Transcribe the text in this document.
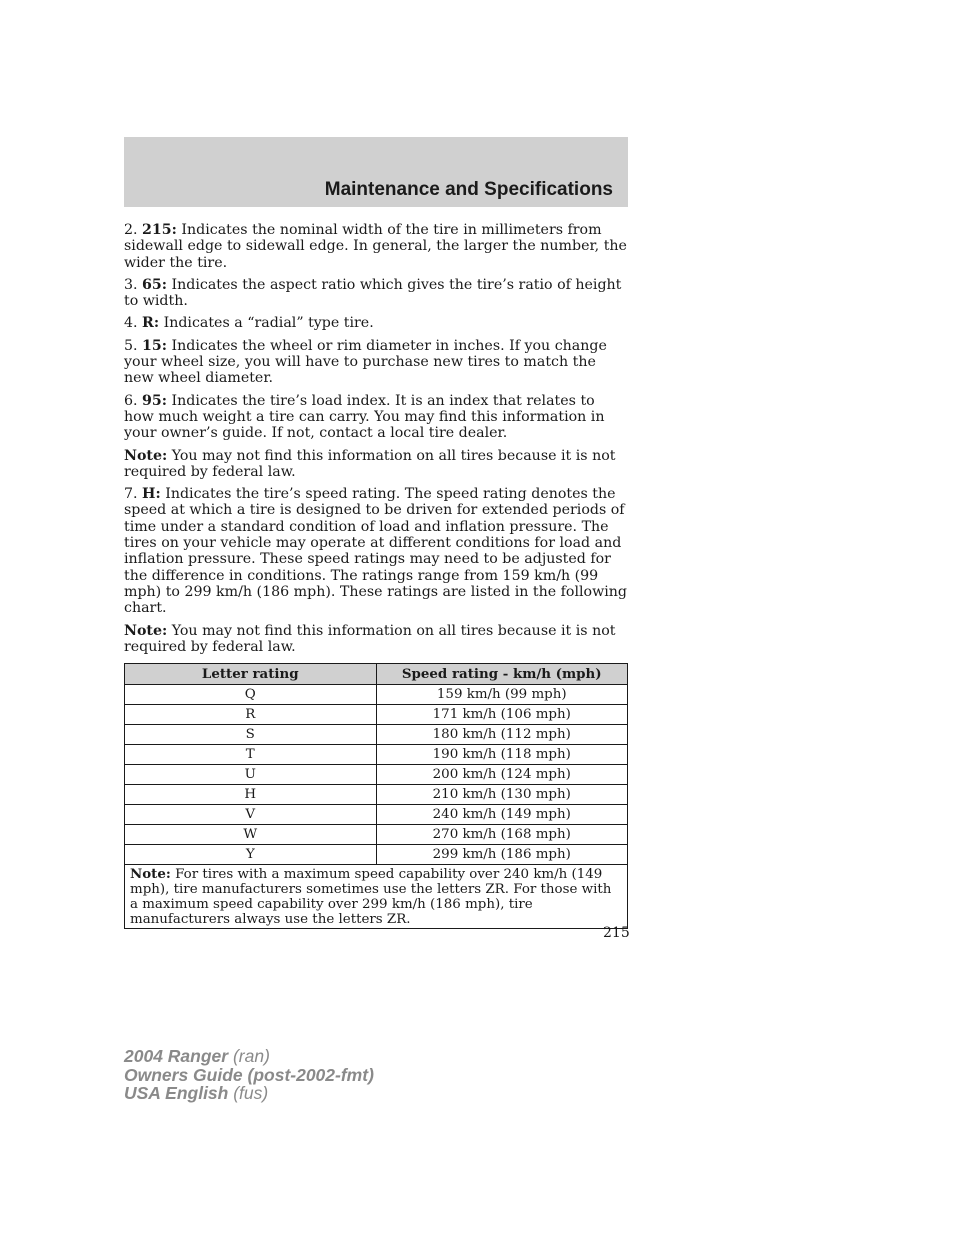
Maintenance and Specifications

2. 215: Indicates the nominal width of the tire in millimeters from sidewall edge to sidewall edge. In general, the larger the number, the wider the tire.

3. 65: Indicates the aspect ratio which gives the tire’s ratio of height to width.

4. R: Indicates a “radial” type tire.

5. 15: Indicates the wheel or rim diameter in inches. If you change your wheel size, you will have to purchase new tires to match the new wheel diameter.

6. 95: Indicates the tire’s load index. It is an index that relates to how much weight a tire can carry. You may find this information in your owner’s guide. If not, contact a local tire dealer.

Note: You may not find this information on all tires because it is not required by federal law.

7. H: Indicates the tire’s speed rating. The speed rating denotes the speed at which a tire is designed to be driven for extended periods of time under a standard condition of load and inflation pressure. The tires on your vehicle may operate at different conditions for load and inflation pressure. These speed ratings may need to be adjusted for the difference in conditions. The ratings range from 159 km/h (99 mph) to 299 km/h (186 mph). These ratings are listed in the following chart.

Note: You may not find this information on all tires because it is not required by federal law.

Letter rating	Speed rating - km/h (mph)
Q	159 km/h (99 mph)
R	171 km/h (106 mph)
S	180 km/h (112 mph)
T	190 km/h (118 mph)
U	200 km/h (124 mph)
H	210 km/h (130 mph)
V	240 km/h (149 mph)
W	270 km/h (168 mph)
Y	299 km/h (186 mph)
Note: For tires with a maximum speed capability over 240 km/h (149 mph), tire manufacturers sometimes use the letters ZR. For those with a maximum speed capability over 299 km/h (186 mph), tire manufacturers always use the letters ZR.	
215
2004 Ranger (ran)
Owners Guide (post-2002-fmt)
USA English (fus)
